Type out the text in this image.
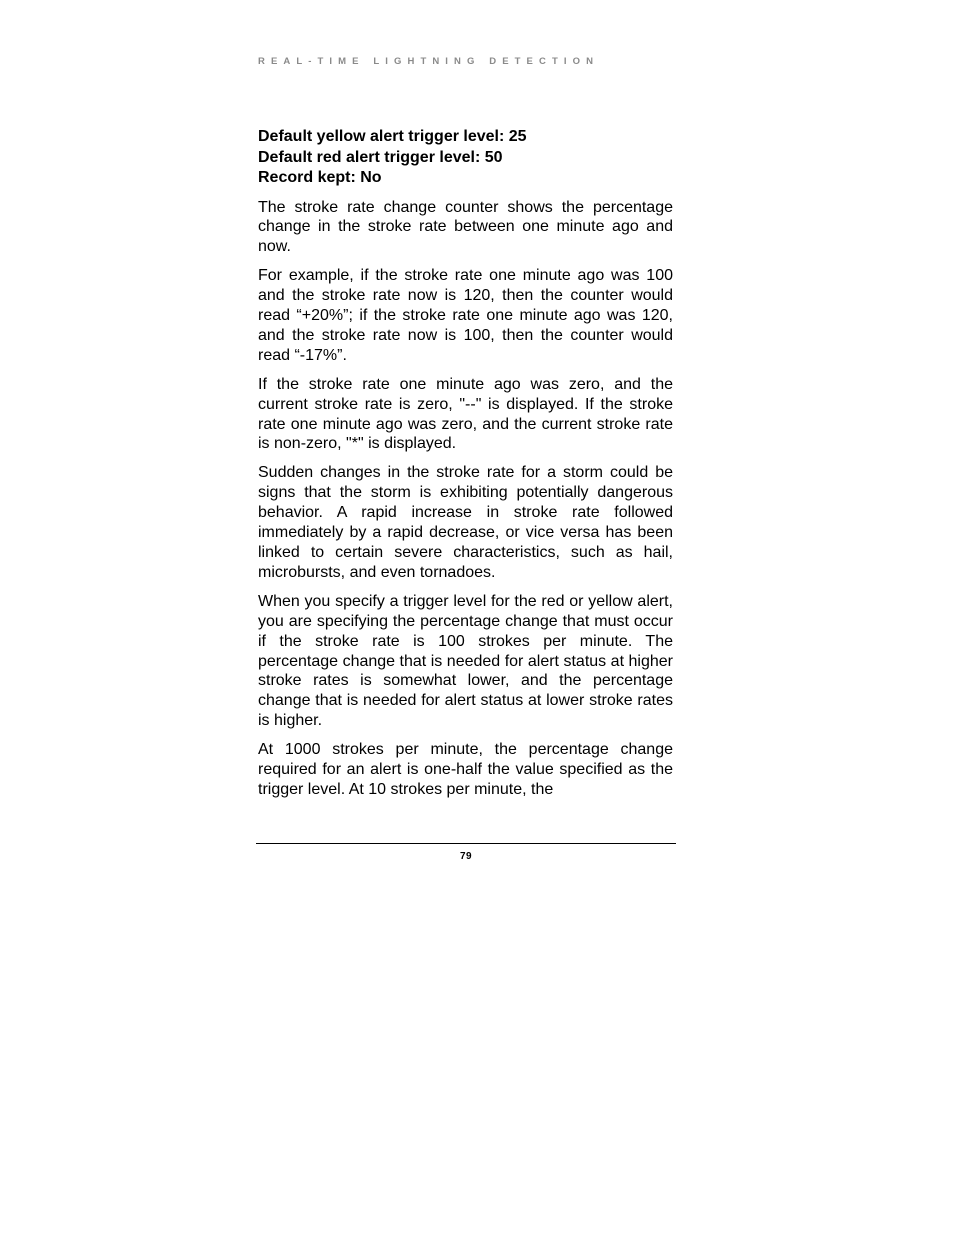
REAL-TIME LIGHTNING DETECTION
Default yellow alert trigger level: 25
Default red alert trigger level: 50
Record kept: No

The stroke rate change counter shows the percentage change in the stroke rate between one minute ago and now.

For example, if the stroke rate one minute ago was 100 and the stroke rate now is 120, then the counter would read “+20%”; if the stroke rate one minute ago was 120, and the stroke rate now is 100, then the counter would read “-17%”.

If the stroke rate one minute ago was zero, and the current stroke rate is zero, "--" is displayed. If the stroke rate one minute ago was zero, and the current stroke rate is non-zero, "*" is displayed.

Sudden changes in the stroke rate for a storm could be signs that the storm is exhibiting potentially dangerous behavior. A rapid increase in stroke rate followed immediately by a rapid decrease, or vice versa has been linked to certain severe characteristics, such as hail, microbursts, and even tornadoes.

When you specify a trigger level for the red or yellow alert, you are specifying the percentage change that must occur if the stroke rate is 100 strokes per minute. The percentage change that is needed for alert status at higher stroke rates is somewhat lower, and the percentage change that is needed for alert status at lower stroke rates is higher.

At 1000 strokes per minute, the percentage change required for an alert is one-half the value specified as the trigger level. At 10 strokes per minute, the

79
